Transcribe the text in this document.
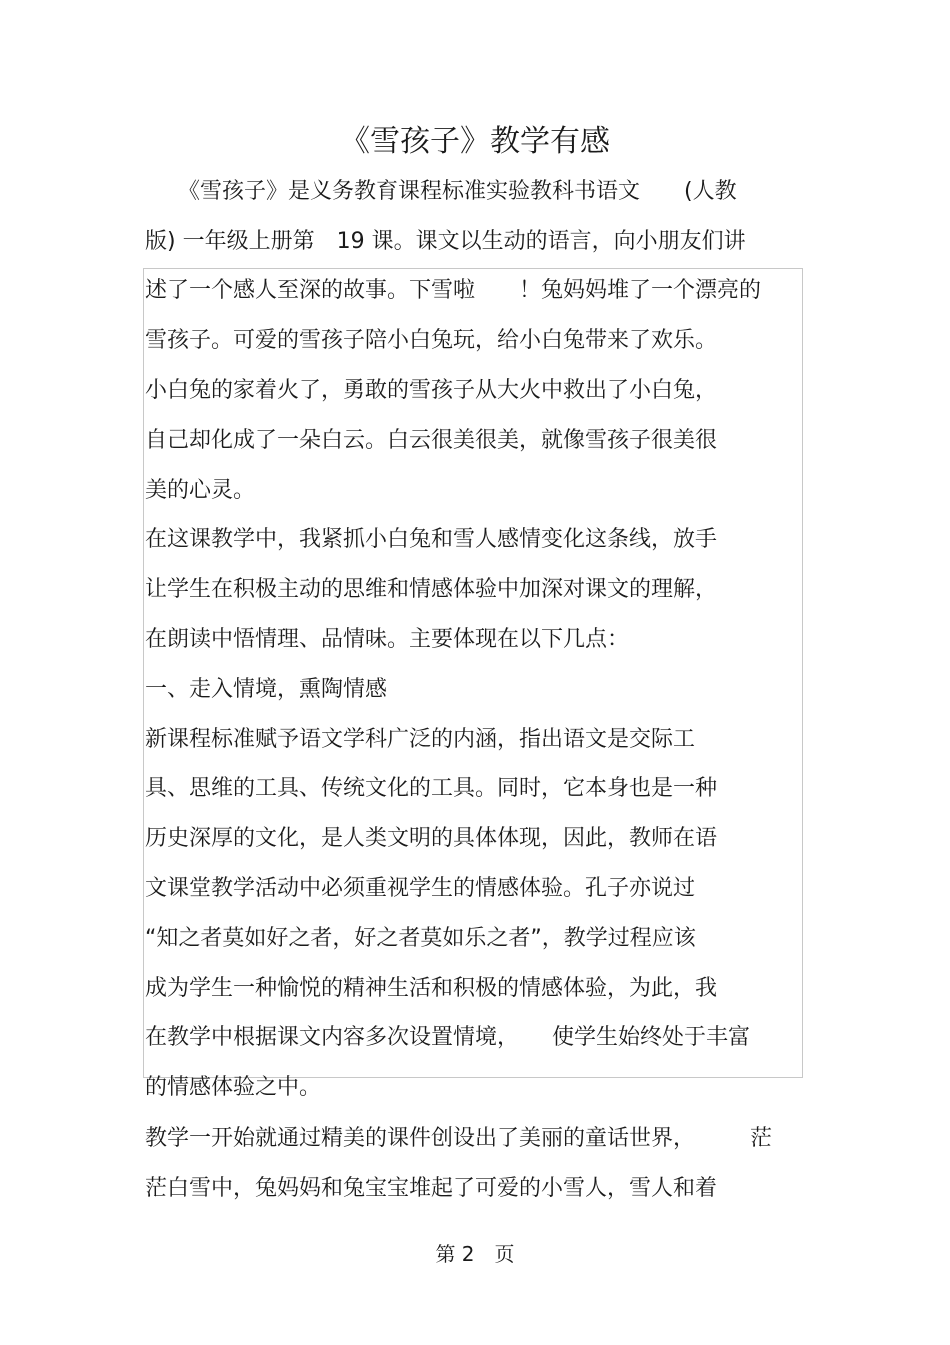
《雪孩子》教学有感
　　《雪孩子》是义务教育课程标准实验教科书语文　　(人教
版) 一年级上册第　19 课。课文以生动的语言，向小朋友们讲
述了一个感人至深的故事。下雪啦　　！兔妈妈堆了一个漂亮的
雪孩子。可爱的雪孩子陪小白兔玩，给小白兔带来了欢乐。
小白兔的家着火了，勇敢的雪孩子从大火中救出了小白兔，
自己却化成了一朵白云。白云很美很美，就像雪孩子很美很
美的心灵。
在这课教学中，我紧抓小白兔和雪人感情变化这条线，放手
让学生在积极主动的思维和情感体验中加深对课文的理解，
在朗读中悟情理、品情味。主要体现在以下几点：
一、走入情境，熏陶情感
新课程标准赋予语文学科广泛的内涵，指出语文是交际工
具、思维的工具、传统文化的工具。同时，它本身也是一种
历史深厚的文化，是人类文明的具体体现，因此，教师在语
文课堂教学活动中必须重视学生的情感体验。孔子亦说过
“知之者莫如好之者，好之者莫如乐之者”，教学过程应该
成为学生一种愉悦的精神生活和积极的情感体验，为此，我
在教学中根据课文内容多次设置情境，　　使学生始终处于丰富
的情感体验之中。
教学一开始就通过精美的课件创设出了美丽的童话世界，　　　茫
茫白雪中，兔妈妈和兔宝宝堆起了可爱的小雪人，雪人和着
第 2　页
